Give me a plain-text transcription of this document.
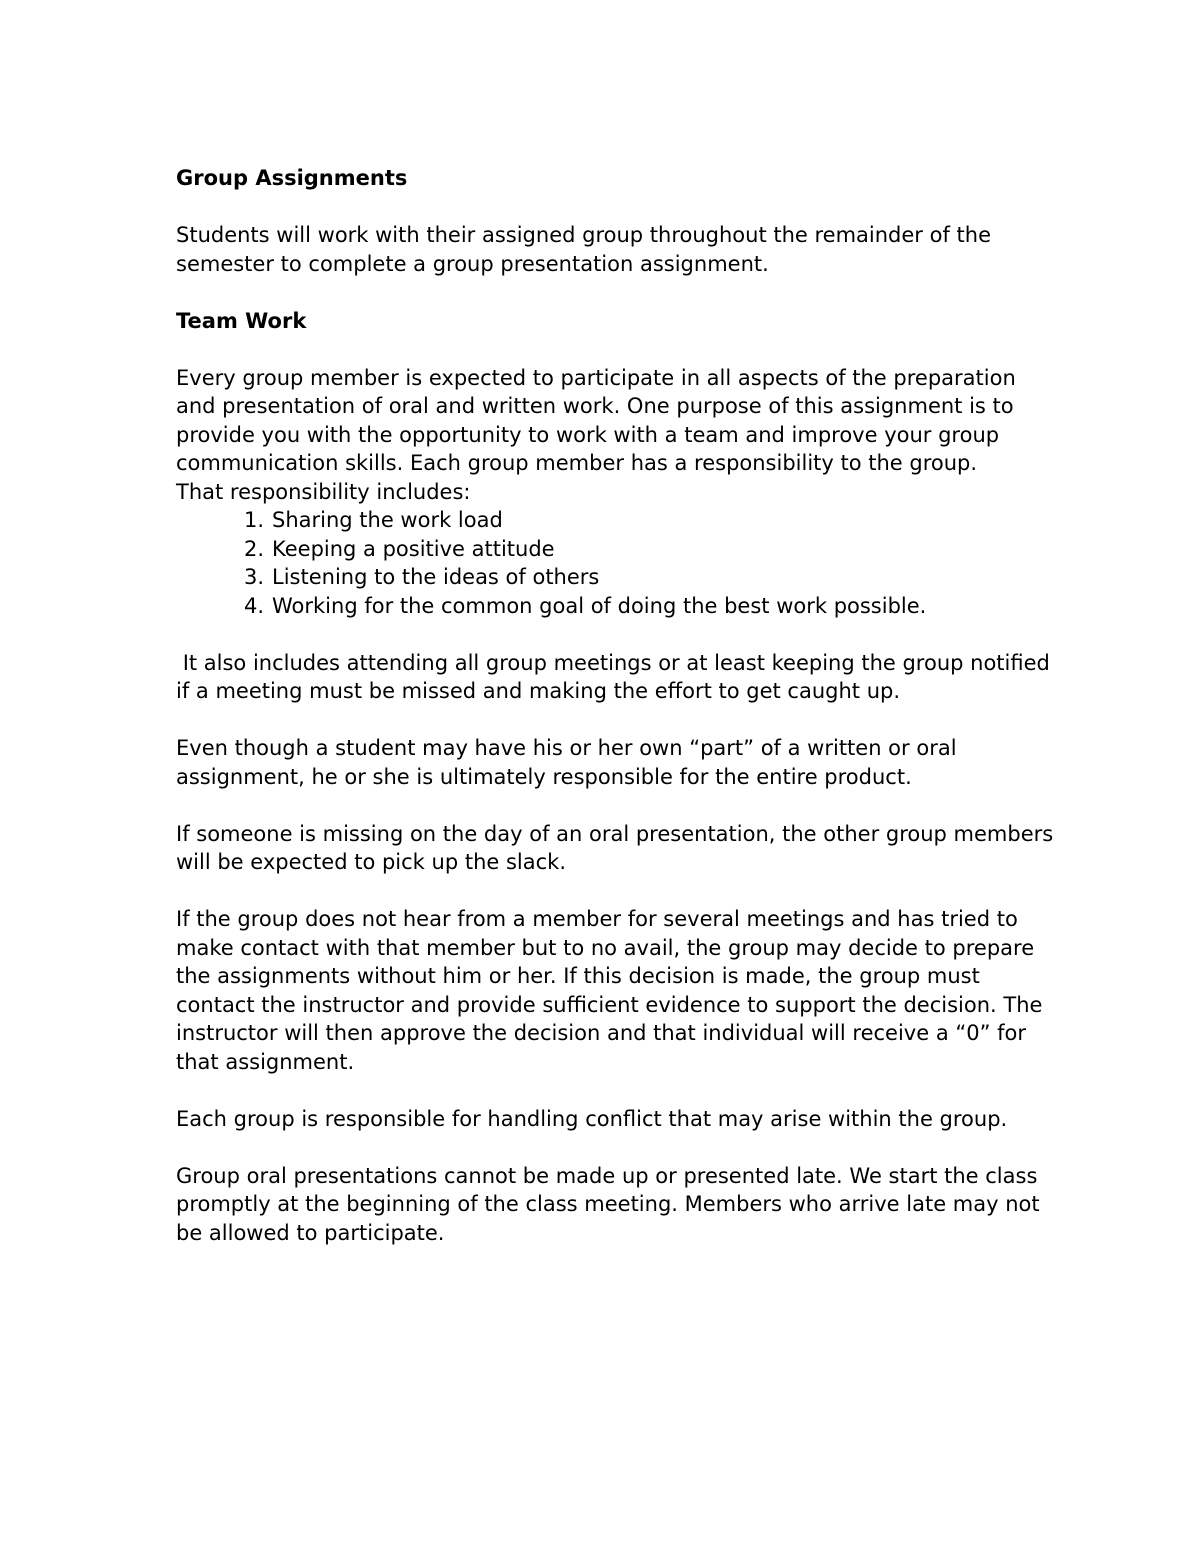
Group Assignments
Students will work with their assigned group throughout the remainder of the semester to complete a group presentation assignment.
Team Work
Every group member is expected to participate in all aspects of the preparation and presentation of oral and written work. One purpose of this assignment is to provide you with the opportunity to work with a team and improve your group communication skills. Each group member has a responsibility to the group.
That responsibility includes:
1. Sharing the work load
2. Keeping a positive attitude
3. Listening to the ideas of others
4. Working for the common goal of doing the best work possible.
It also includes attending all group meetings or at least keeping the group notified if a meeting must be missed and making the effort to get caught up.
Even though a student may have his or her own “part” of a written or oral assignment, he or she is ultimately responsible for the entire product.
If someone is missing on the day of an oral presentation, the other group members will be expected to pick up the slack.
If the group does not hear from a member for several meetings and has tried to make contact with that member but to no avail, the group may decide to prepare the assignments without him or her. If this decision is made, the group must contact the instructor and provide sufficient evidence to support the decision. The instructor will then approve the decision and that individual will receive a “0” for that assignment.
Each group is responsible for handling conflict that may arise within the group.
Group oral presentations cannot be made up or presented late. We start the class promptly at the beginning of the class meeting. Members who arrive late may not be allowed to participate.
